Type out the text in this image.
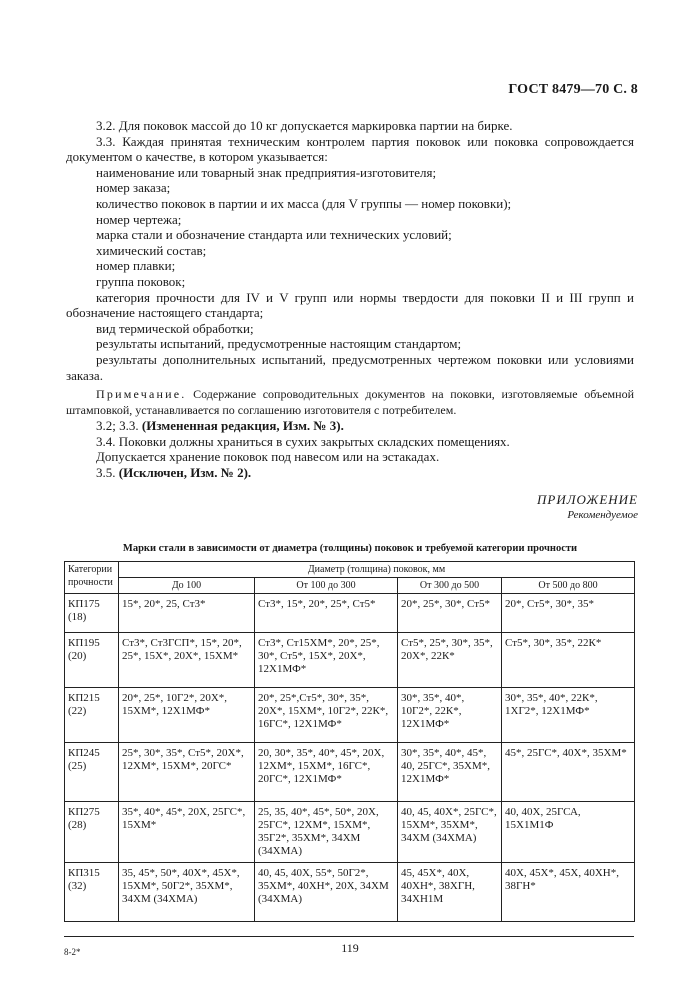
ГОСТ 8479—70 С. 8

3.2. Для поковок массой до 10 кг допускается маркировка партии на бирке.

3.3. Каждая принятая техническим контролем партия поковок или поковка сопровождается документом о качестве, в котором указывается:

наименование или товарный знак предприятия-изготовителя;

номер заказа;

количество поковок в партии и их масса (для V группы — номер поковки);

номер чертежа;

марка стали и обозначение стандарта или технических условий;

химический состав;

номер плавки;

группа поковок;

категория прочности для IV и V групп или нормы твердости для поковки II и III групп и обозначение настоящего стандарта;

вид термической обработки;

результаты испытаний, предусмотренные настоящим стандартом;

результаты дополнительных испытаний, предусмотренных чертежом поковки или условиями заказа.

Примечание. Содержание сопроводительных документов на поковки, изготовляемые объемной штамповкой, устанавливается по соглашению изготовителя с потребителем.

3.2; 3.3. (Измененная редакция, Изм. № 3).

3.4. Поковки должны храниться в сухих закрытых складских помещениях.

Допускается хранение поковок под навесом или на эстакадах.

3.5. (Исключен, Изм. № 2).

ПРИЛОЖЕНИЕ
Рекомендуемое
Марки стали в зависимости от диаметра (толщины) поковок и требуемой категории прочности
Категории прочности	Диаметр (толщина) поковок, мм			
	До 100	От 100 до 300	От 300 до 500	От 500 до 800

КП175
(18)	15*, 20*, 25, Ст3*	Ст3*, 15*, 20*, 25*, Ст5*	20*, 25*, 30*, Ст5*	20*, Ст5*, 30*, 35*

КП195
(20)	Ст3*, Ст3ГСП*, 15*, 20*, 25*, 15Х*, 20Х*, 15ХМ*	Ст3*, Ст15ХМ*, 20*, 25*, 30*, Ст5*, 15Х*, 20Х*, 12Х1МФ*	Ст5*, 25*, 30*, 35*, 20Х*, 22К*	Ст5*, 30*, 35*, 22К*

КП215
(22)	20*, 25*, 10Г2*, 20Х*, 15ХМ*, 12Х1МФ*	20*, 25*,Ст5*, 30*, 35*, 20Х*, 15ХМ*, 10Г2*, 22К*, 16ГС*, 12Х1МФ*	30*, 35*, 40*, 10Г2*, 22К*, 12Х1МФ*	30*, 35*, 40*, 22К*, 1ХГ2*, 12Х1МФ*

КП245
(25)	25*, 30*, 35*, Ст5*, 20Х*, 12ХМ*, 15ХМ*, 20ГС*	20, 30*, 35*, 40*, 45*, 20Х, 12ХМ*, 15ХМ*, 16ГС*, 20ГС*, 12Х1МФ*	30*, 35*, 40*, 45*, 40, 25ГС*, 35ХМ*, 12Х1МФ*	45*, 25ГС*, 40Х*, 35ХМ*

КП275
(28)	35*, 40*, 45*, 20Х, 25ГС*, 15ХМ*	25, 35, 40*, 45*, 50*, 20Х, 25ГС*, 12ХМ*, 15ХМ*, 35Г2*, 35ХМ*, 34ХМ (34ХМА)	40, 45, 40Х*, 25ГС*, 15ХМ*, 35ХМ*, 34ХМ (34ХМА)	40, 40Х, 25ГСА, 15Х1М1Ф

КП315
(32)	35, 45*, 50*, 40Х*, 45Х*, 15ХМ*, 50Г2*, 35ХМ*, 34ХМ (34ХМА)	40, 45, 40Х, 55*, 50Г2*, 35ХМ*, 40ХН*, 20Х, 34ХМ (34ХМА)	45, 45Х*, 40Х, 40ХН*, 38ХГН, 34ХН1М	40Х, 45Х*, 45Х, 40ХН*, 38ГН*
8-2*	119
